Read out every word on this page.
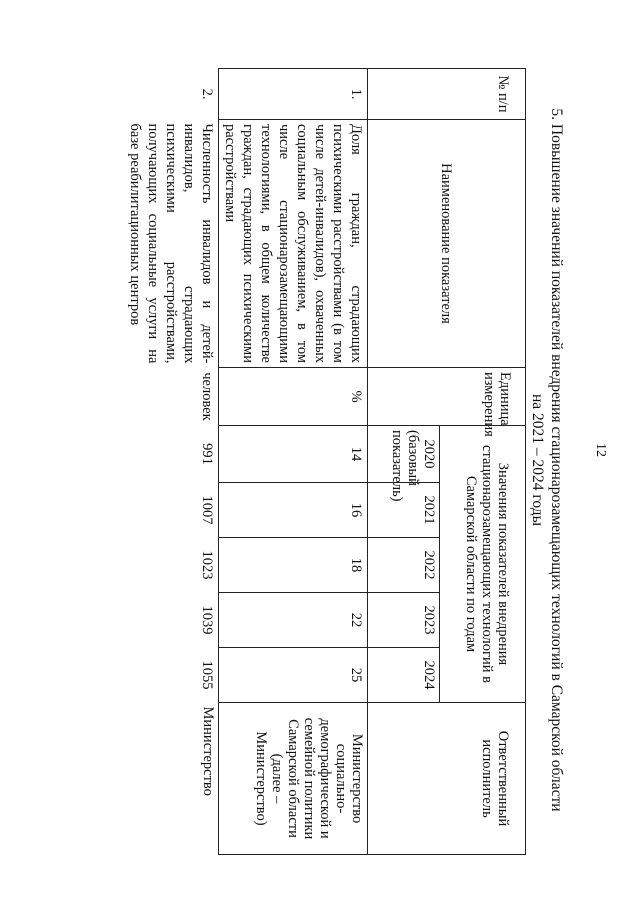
12
5. Повышение значений показателей внедрения стационарозамещающих технологий в Самарской области
на 2021 – 2024 годы
№ п/п	Наименование показателя	Единица измерения	Значения показателей внедрения стационарозамещающих технологий в Самарской области по годам					Ответственный исполнитель
			2020 (базовый показатель)	2021	2022	2023	2024	
1.	Доля граждан, страдающих психическими расстройствами (в том числе детей-инвалидов), охваченных социальным обслуживанием, в том числе стационарозамещающими технологиями, в общем количестве граждан, страдающих психическими расстройствами	%	14	16	18	22	25	Министерство социально-демографической и семейной политики Самарской области (далее – Министерство)
2.	Численность инвалидов и детей-инвалидов, страдающих психическими расстройствами, получающих социальные услуги на базе реабилитационных центров	человек	991	1007	1023	1039	1055	Министерство
